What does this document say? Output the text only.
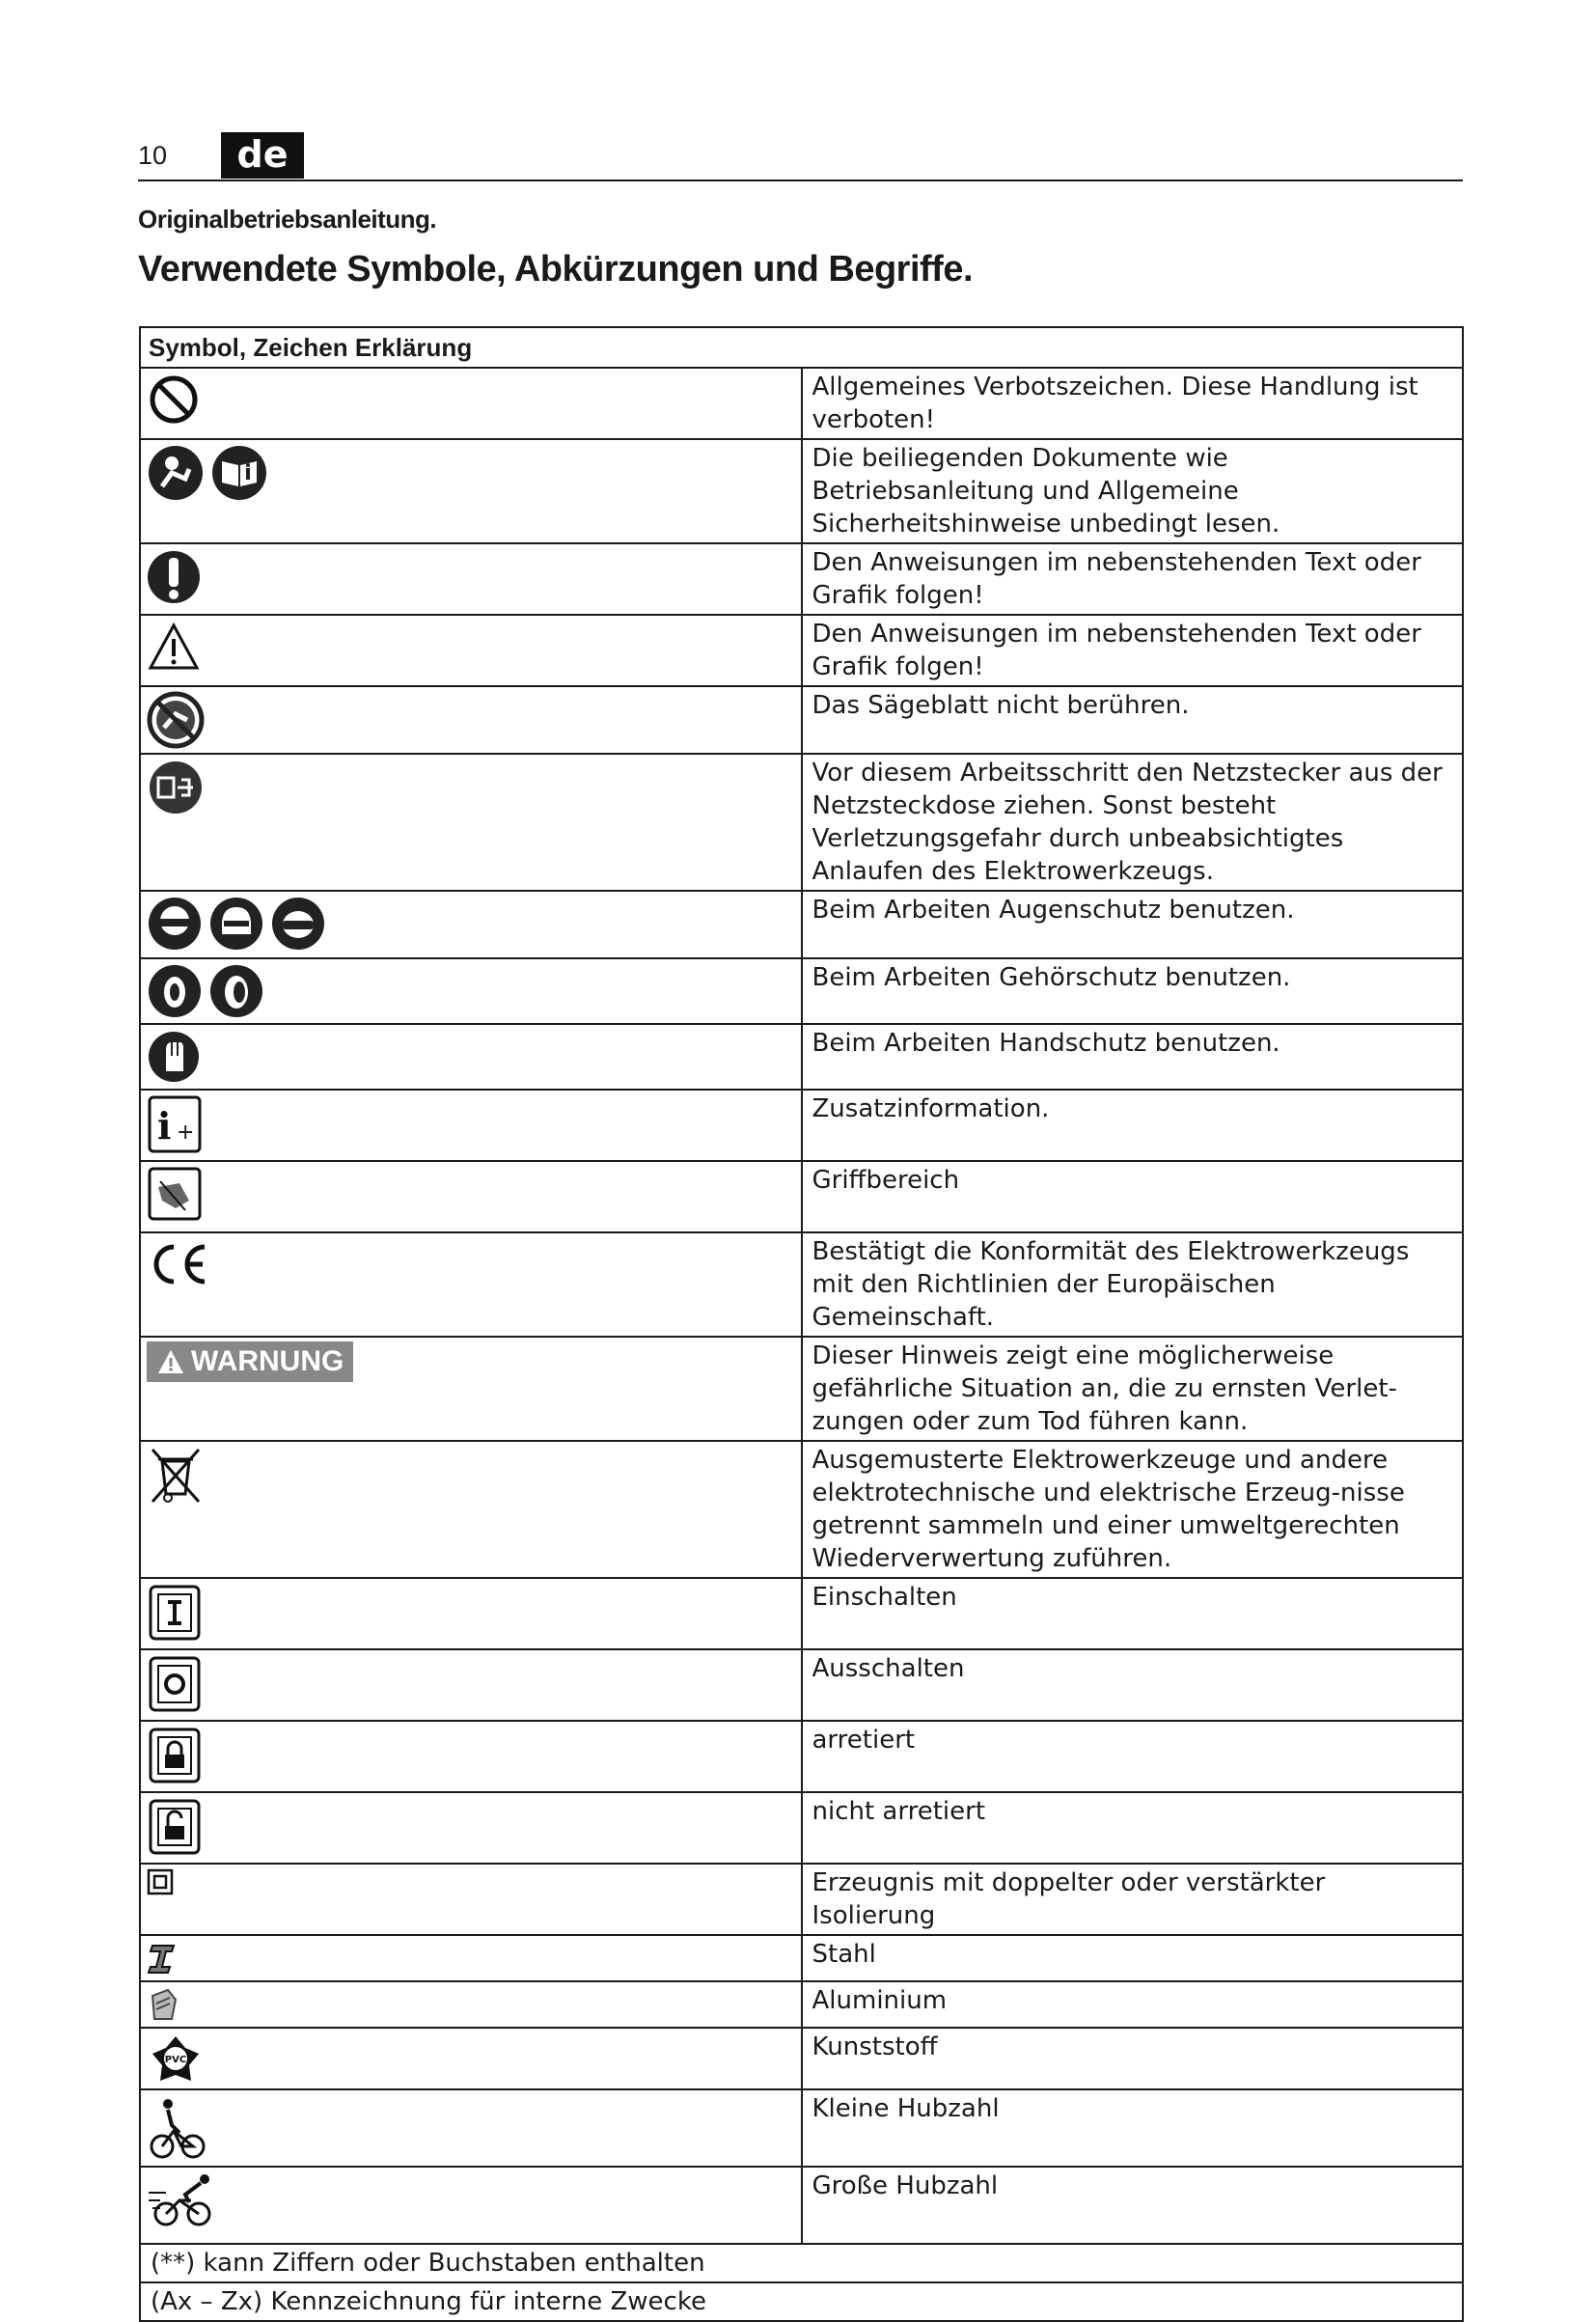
10	de
Originalbetriebsanleitung.
Verwendete Symbole, Abkürzungen und Begriffe.
Symbol, Zeichen Erklärung	

	Allgemeines Verbotszeichen. Diese Handlung ist verboten!

	Die beiliegenden Dokumente wie Betriebsanleitung und Allgemeine Sicherheitshinweise unbedingt lesen.

	Den Anweisungen im nebenstehenden Text oder Grafik folgen!

	Den Anweisungen im nebenstehenden Text oder Grafik folgen!

	Das Sägeblatt nicht berühren.

	Vor diesem Arbeitsschritt den Netzstecker aus der Netzsteckdose ziehen. Sonst besteht Verletzungsgefahr durch unbeabsichtigtes Anlaufen des Elektrowerkzeugs.

	Beim Arbeiten Augenschutz benutzen.

	Beim Arbeiten Gehörschutz benutzen.

	Beim Arbeiten Handschutz benutzen.

i +	Zusatzinformation.

	Griffbereich

	Bestätigt die Konformität des Elektrowerkzeugs mit den Richtlinien der Europäischen Gemeinschaft.

WARNUNG	Dieser Hinweis zeigt eine möglicherweise gefährliche Situation an, die zu ernsten Verlet-zungen oder zum Tod führen kann.

	Ausgemusterte Elektrowerkzeuge und andere elektrotechnische und elektrische Erzeug-nisse getrennt sammeln und einer umweltgerechten Wiederverwertung zuführen.

	Einschalten

	Ausschalten

	arretiert

	nicht arretiert

	Erzeugnis mit doppelter oder verstärkter Isolierung

	Stahl

	Aluminium

PVC	Kunststoff

	Kleine Hubzahl

	Große Hubzahl
(**) kann Ziffern oder Buchstaben enthalten	
(Ax – Zx) Kennzeichnung für interne Zwecke	
